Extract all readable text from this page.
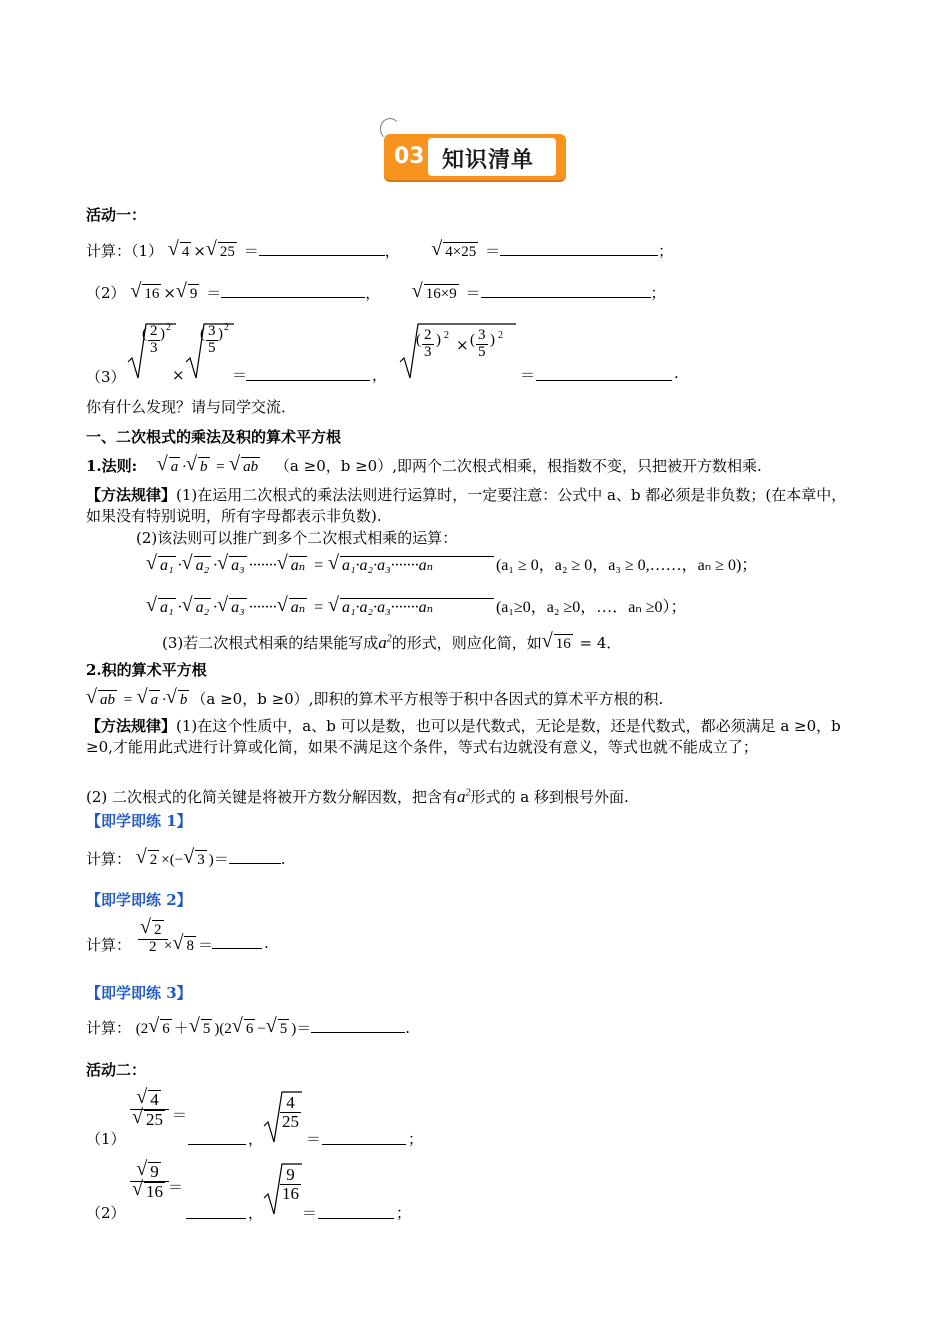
03 知识清单
活动一：
计算：（1） √ 4 × √ 25 ＝	，	√ 4×25 ＝	；
（2） √ 16 × √ 9 ＝	，	√ 16×9 ＝	；
（3）
( $\frac{2}{3}$ ) 2
×
( $\frac{3}{5}$ ) 2
＝	，
( $\frac{2}{3}$ ) 2
× ( $\frac{3}{5}$ ) 2
＝	.
你有什么发现？请与同学交流．
一、二次根式的乘法及积的算术平方根
1.法则: √ a · √ b = √ ab （a ≥0，b ≥0）,即两个二次根式相乘，根指数不变，只把被开方数相乘.
【方法规律】(1)在运用二次根式的乘法法则进行运算时，一定要注意：公式中 a、b 都必须是非负数；(在本章中，　如果没有特别说明，所有字母都表示非负数).
(2)该法则可以推广到多个二次根式相乘的运算：
√ a₁ · √ a₂ · √ a₃ ······· √ aₙ = √ a₁·a₂·a₃·······aₙ	(a₁ ≥ 0，a₂ ≥ 0，a₃ ≥ 0,……，aₙ ≥ 0)；
√ a₁ · √ a₂ · √ a₃ ······· √ aₙ = √ a₁·a₂·a₃·······aₙ	(a₁≥0，a₂ ≥0，…．aₙ ≥0）；
(3)若二次根式相乘的结果能写成$a^2$的形式，则应化简，如 √ 16 = 4．
2.积的算术平方根
√ ab = √ a · √ b （a ≥0，b ≥0）,即积的算术平方根等于积中各因式的算术平方根的积.
【方法规律】(1)在这个性质中，a、b 可以是数，也可以是代数式，无论是数，还是代数式，都必须满足 a ≥0，b ≥0,才能用此式进行计算或化简，如果不满足这个条件，等式右边就没有意义，等式也就不能成立了；
(2) 二次根式的化简关键是将被开方数分解因数，把含有$a^2$形式的 a 移到根号外面.
【即学即练 1】
计算： √ 2 ×(− √ 3 )＝	.
【即学即练 2】
计算： √ $\frac{2}{2}$
× √ 8 ＝	.
【即学即练 3】
计算： (2 √ 6 ＋ √ 5 )(2 √ 6 − √ 5 )＝	.
活动二：
（1）
√ 4
√ 25 ＝
，
$\frac{4}{25}$
＝	；
（2）
√ 9
√ 16 ＝
，
$\frac{9}{16}$
＝	；
